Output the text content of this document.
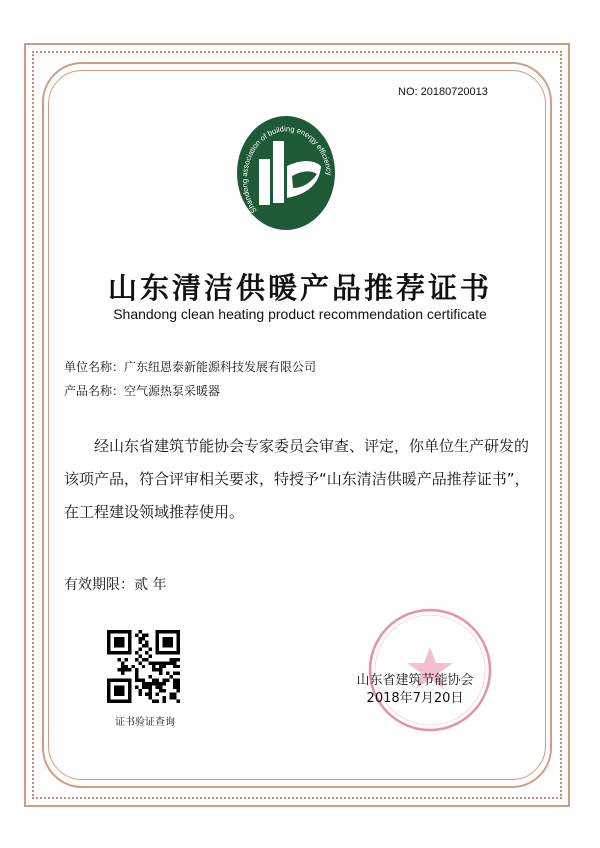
NO: 20180720013
Shandong association of building energy efficiency
山东清洁供暖产品推荐证书
Shandong clean heating product recommendation certificate
单位名称：广东纽恩泰新能源科技发展有限公司
产品名称：空气源热泵采暖器
经山东省建筑节能协会专家委员会审查、评定，你单位生产研发的该项产品，符合评审相关要求，特授予“山东清洁供暖产品推荐证书”，在工程建设领域推荐使用。
有效期限：贰 年
证书验证查询
山东省建筑节能协会
2018年7月20日
